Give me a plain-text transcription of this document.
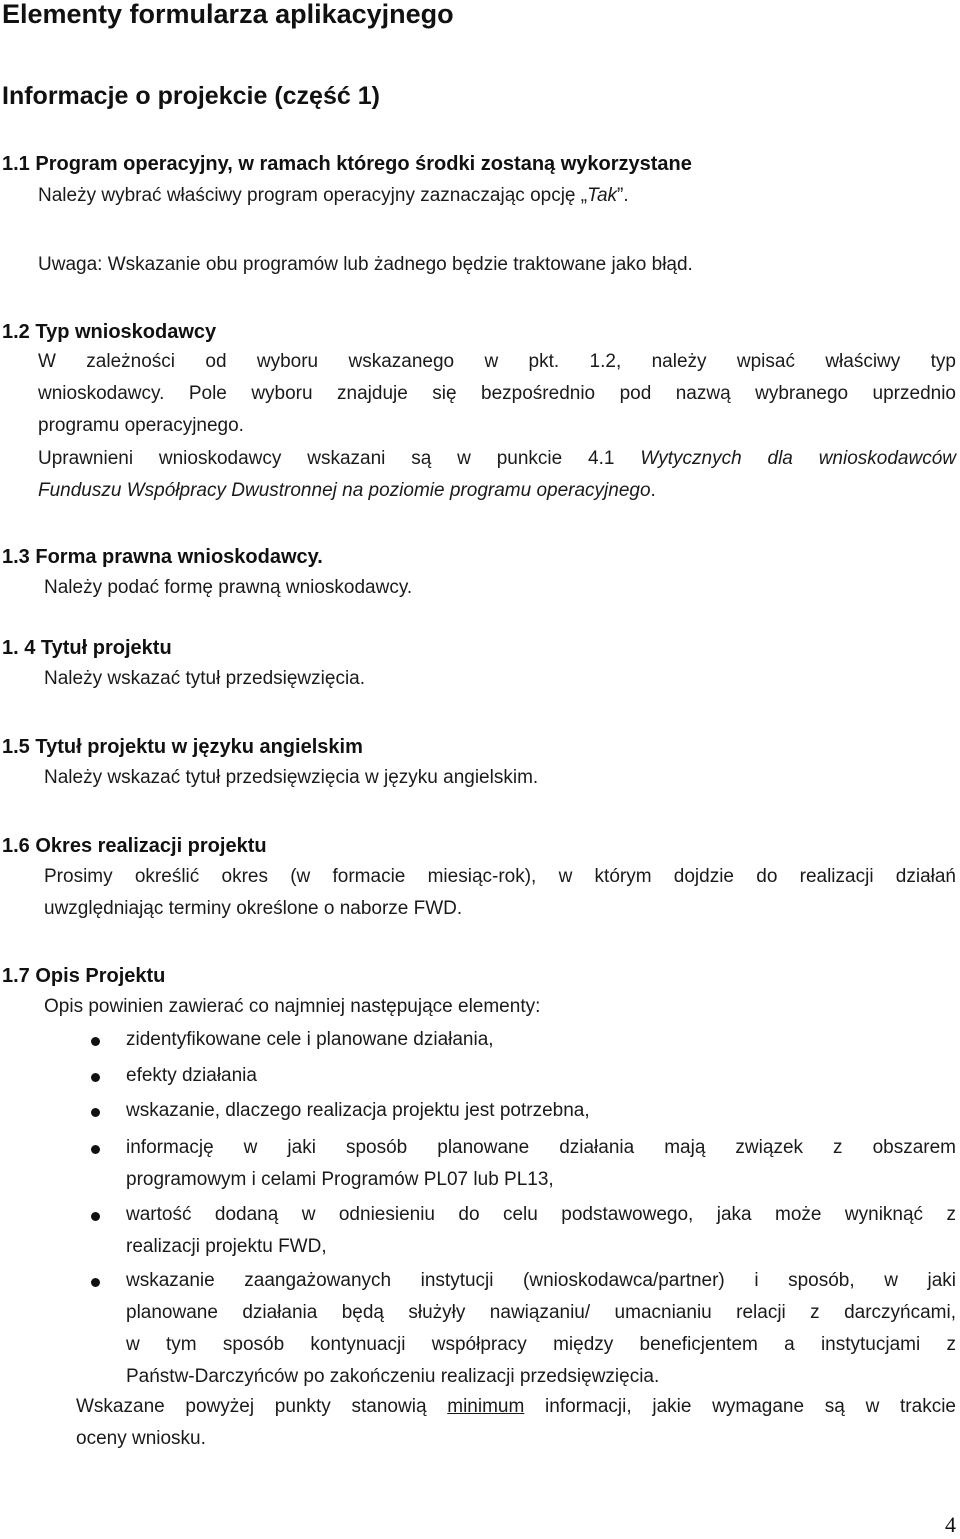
Elementy formularza aplikacyjnego
Informacje o projekcie (część 1)
1.1 Program operacyjny, w ramach którego środki zostaną wykorzystane
Należy wybrać właściwy program operacyjny zaznaczając opcję „Tak”.
Uwaga: Wskazanie obu programów lub żadnego będzie traktowane jako błąd.
1.2 Typ wnioskodawcy
W zależności od wyboru wskazanego w pkt. 1.2, należy wpisać właściwy typ
wnioskodawcy. Pole wyboru znajduje się bezpośrednio pod nazwą wybranego uprzednio
programu operacyjnego.
Uprawnieni wnioskodawcy wskazani są w punkcie 4.1 Wytycznych dla wnioskodawców
Funduszu Współpracy Dwustronnej na poziomie programu operacyjnego.
1.3 Forma prawna wnioskodawcy.
Należy podać formę prawną wnioskodawcy.
1. 4 Tytuł projektu
Należy wskazać tytuł przedsięwzięcia.
1.5 Tytuł projektu w języku angielskim
Należy wskazać tytuł przedsięwzięcia w języku angielskim.
1.6 Okres realizacji projektu
Prosimy określić okres (w formacie miesiąc-rok), w którym dojdzie do realizacji działań
uwzględniając terminy określone o naborze FWD.
1.7 Opis Projektu
Opis powinien zawierać co najmniej następujące elementy:
zidentyfikowane cele i planowane działania,
efekty działania
wskazanie, dlaczego realizacja projektu jest potrzebna,
informację w jaki sposób planowane działania mają związek z obszarem
programowym i celami Programów PL07 lub PL13,
wartość dodaną w odniesieniu do celu podstawowego, jaka może wyniknąć z
realizacji projektu FWD,
wskazanie zaangażowanych instytucji (wnioskodawca/partner) i sposób, w jaki
planowane działania będą służyły nawiązaniu/ umacnianiu relacji z darczyńcami,
w tym sposób kontynuacji współpracy między beneficjentem a instytucjami z
Państw-Darczyńców po zakończeniu realizacji przedsięwzięcia.
Wskazane powyżej punkty stanowią minimum informacji, jakie wymagane są w trakcie
oceny wniosku.
4
